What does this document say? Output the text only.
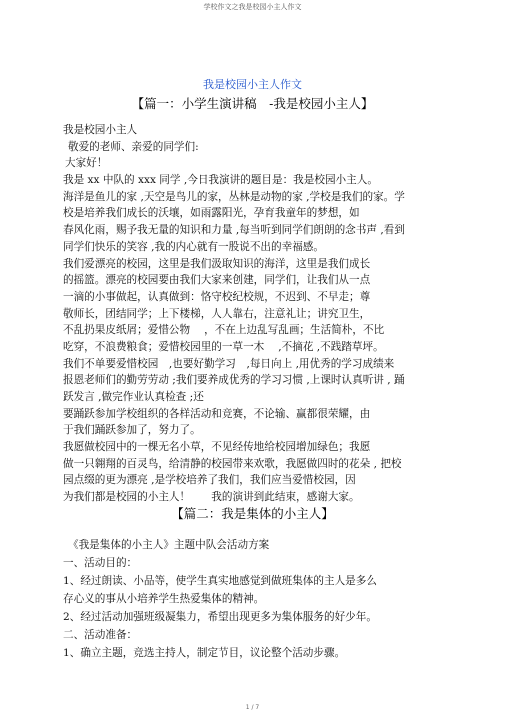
学校作文之我是校园小主人作文
我是校园小主人作文
【篇一：小学生演讲稿　-我是校园小主人】
我是校园小主人
敬爱的老师、亲爱的同学们:
大家好！
我是 xx 中队的 xxx 同学 ,今日我演讲的题目是：我是校园小主人。
海洋是鱼儿的家 ,天空是鸟儿的家，丛林是动物的家 ,学校是我们的家。学
校是培养我们成长的沃壤，如雨露阳光，孕育我童年的梦想，如
春风化雨，赐予我无量的知识和力量 ,每当听到同学们朗朗的念书声 ,看到
同学们快乐的笑容 ,我的内心就有一股说不出的幸福感。
我们爱漂亮的校园，这里是我们汲取知识的海洋，这里是我们成长
的摇篮。漂亮的校园要由我们大家来创建，同学们，让我们从一点
一滴的小事做起，认真做到：恪守校纪校规，不迟到、不早走；尊
敬师长，团结同学；上下楼梯，人人靠右，注意礼让；讲究卫生，
不乱扔果皮纸屑；爱惜公物　 ，不在上边乱写乱画；生活简朴，不比
吃穿，不浪费粮食；爱惜校园里的一草一木　 ,不摘花 ,不践踏草坪。
我们不单要爱惜校园　,也要好勤学习　,每日向上 ,用优秀的学习成绩来
报恩老师们的勤劳劳动 ;我们要养成优秀的学习习惯 ,上课时认真听讲 , 踊
跃发言 ,做完作业认真检查 ;还
要踊跃参加学校组织的各样活动和竞赛，不论输、赢都很荣耀，由
于我们踊跃参加了，努力了。
我愿做校园中的一棵无名小草，不见经传地给校园增加绿色；我愿
做一只翱翔的百灵鸟，给清静的校园带来欢歌，我愿做四时的花朵 , 把校
园点缀的更为漂亮 ,是学校培养了我们，我们应当爱惜校园，因
为我们都是校园的小主人！　　我的演讲到此结束，感谢大家。
【篇二：我是集体的小主人】
《我是集体的小主人》主题中队会活动方案
一、活动目的：
1、经过朗读、小品等，使学生真实地感觉到做班集体的主人是多么
存心义的事从小培养学生热爱集体的精神。
2、经过活动加强班级凝集力，希望出现更多为集体服务的好少年。
二、活动准备：
1、确立主题，竞选主持人，制定节目，议论整个活动步骤。
1 / 7
